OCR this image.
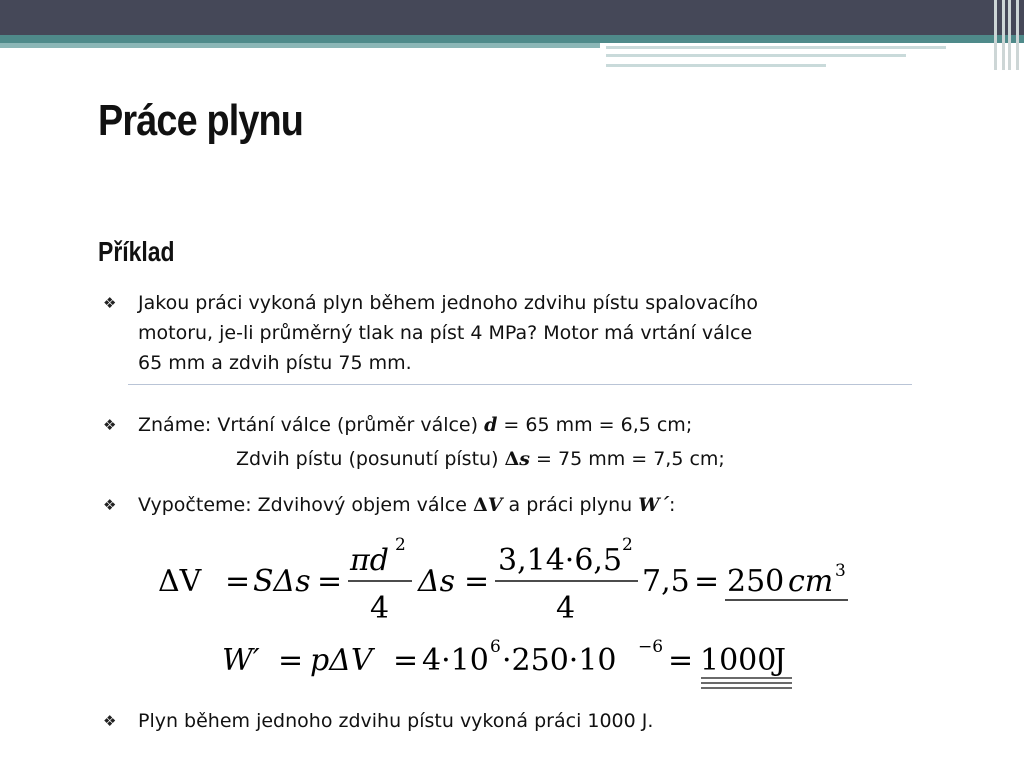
Práce plynu
Příklad
❖ Jakou práci vykoná plyn během jednoho zdvihu pístu spalovacího
motoru, je-li průměrný tlak na píst 4 MPa? Motor má vrtání válce
65 mm a zdvih pístu 75 mm.
❖ Známe: Vrtání válce (průměr válce) d = 65 mm = 6,5 cm;
Zdvih pístu (posunutí pístu) Δs = 75 mm = 7,5 cm;
❖ Vypočteme: Zdvihový objem válce ΔV a práci plynu W´:
ΔV = SΔs =
πd 2
4
Δs =
3,14·6,5 2
4
7,5 = 250 cm 3
W′ = pΔV = 4·10 6 ·250·10 −6 = 1000
J
❖ Plyn během jednoho zdvihu pístu vykoná práci 1000 J.
